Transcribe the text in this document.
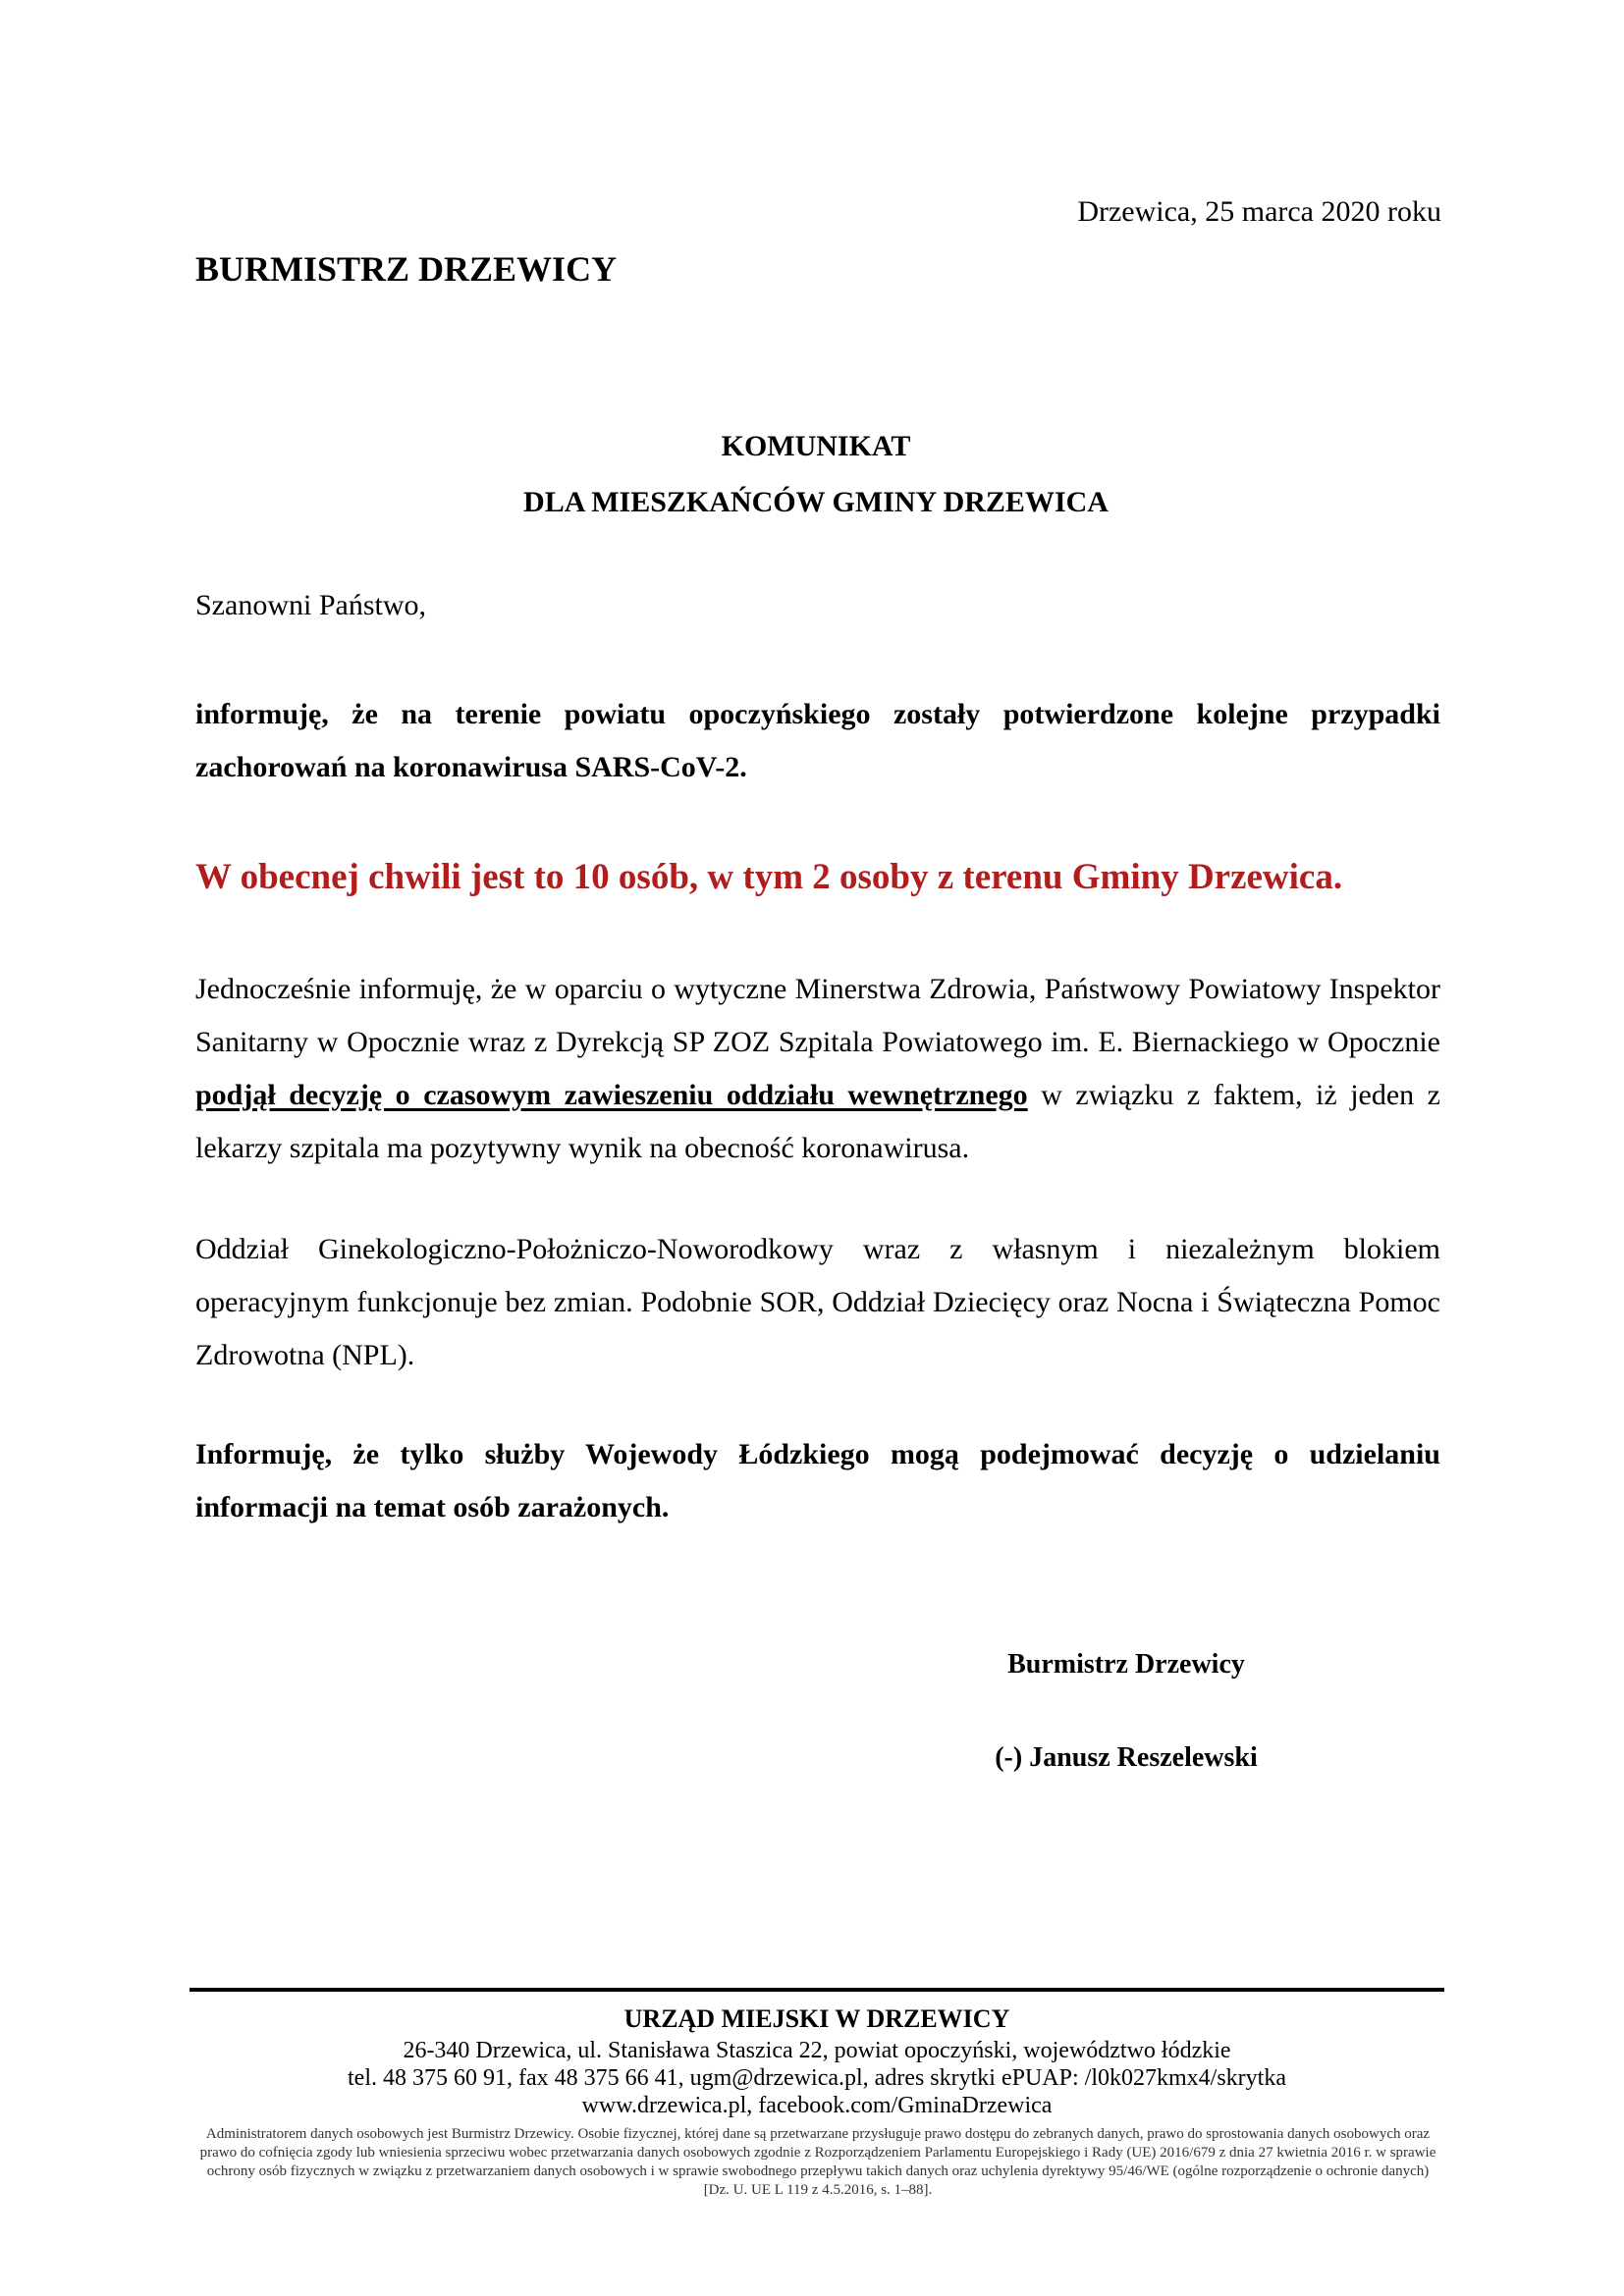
Drzewica, 25 marca 2020 roku
BURMISTRZ DRZEWICY
KOMUNIKAT
DLA MIESZKAŃCÓW GMINY DRZEWICA
Szanowni Państwo,
informuję, że na terenie powiatu opoczyńskiego zostały potwierdzone kolejne przypadki zachorowań na koronawirusa SARS-CoV-2.
W obecnej chwili jest to 10 osób, w tym 2 osoby z terenu Gminy Drzewica.
Jednocześnie informuję, że w oparciu o wytyczne Minerstwa Zdrowia, Państwowy Powiatowy Inspektor Sanitarny w Opocznie wraz z Dyrekcją SP ZOZ Szpitala Powiatowego im. E. Biernackiego w Opocznie podjął decyzję o czasowym zawieszeniu oddziału wewnętrznego w związku z faktem, iż jeden z lekarzy szpitala ma pozytywny wynik na obecność koronawirusa.
Oddział Ginekologiczno-Położniczo-Noworodkowy wraz z własnym i niezależnym blokiem operacyjnym funkcjonuje bez zmian. Podobnie SOR, Oddział Dziecięcy oraz Nocna i Świąteczna Pomoc Zdrowotna (NPL).
Informuję, że tylko służby Wojewody Łódzkiego mogą podejmować decyzję o udzielaniu informacji na temat osób zarażonych.
Burmistrz Drzewicy
(-) Janusz Reszelewski
URZĄD MIEJSKI W DRZEWICY
26-340 Drzewica, ul. Stanisława Staszica 22, powiat opoczyński, województwo łódzkie
tel. 48 375 60 91, fax 48 375 66 41, ugm@drzewica.pl, adres skrytki ePUAP: /l0k027kmx4/skrytka
www.drzewica.pl, facebook.com/GminaDrzewica
Administratorem danych osobowych jest Burmistrz Drzewicy. Osobie fizycznej, której dane są przetwarzane przysługuje prawo dostępu do zebranych danych, prawo do sprostowania danych osobowych oraz prawo do cofnięcia zgody lub wniesienia sprzeciwu wobec przetwarzania danych osobowych zgodnie z Rozporządzeniem Parlamentu Europejskiego i Rady (UE) 2016/679 z dnia 27 kwietnia 2016 r. w sprawie ochrony osób fizycznych w związku z przetwarzaniem danych osobowych i w sprawie swobodnego przepływu takich danych oraz uchylenia dyrektywy 95/46/WE (ogólne rozporządzenie o ochronie danych) [Dz. U. UE L 119 z 4.5.2016, s. 1–88].
